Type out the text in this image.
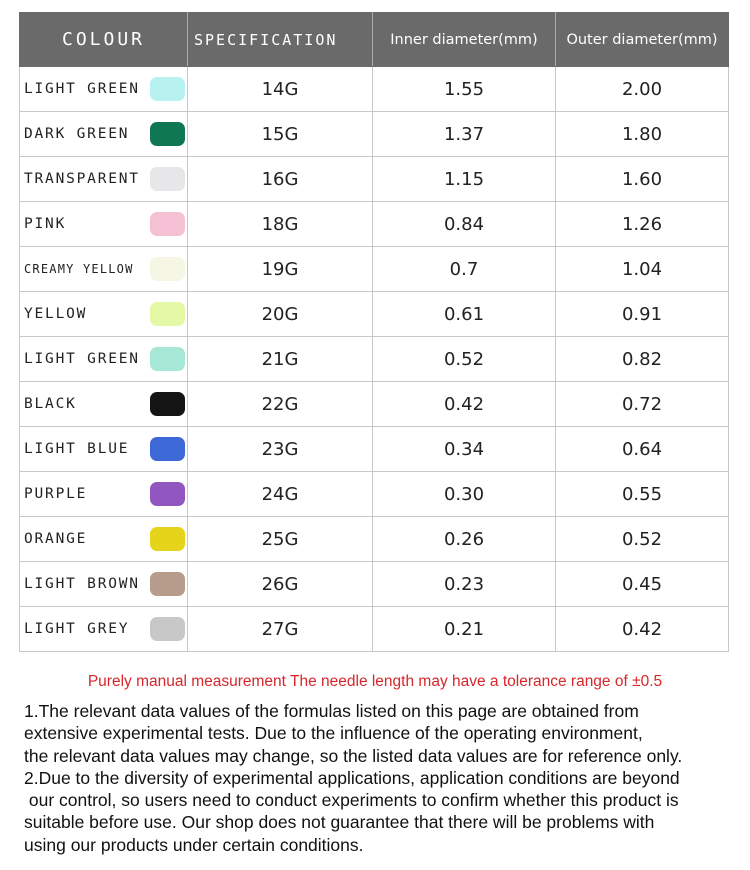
COLOUR	SPECIFICATION	Inner diameter(mm)	Outer diameter(mm)

LIGHT GREEN	14G	1.55	2.00

DARK GREEN	15G	1.37	1.80

TRANSPARENT	16G	1.15	1.60

PINK	18G	0.84	1.26

CREAMY YELLOW	19G	0.7	1.04

YELLOW	20G	0.61	0.91

LIGHT GREEN	21G	0.52	0.82

BLACK	22G	0.42	0.72

LIGHT BLUE	23G	0.34	0.64

PURPLE	24G	0.30	0.55

ORANGE	25G	0.26	0.52

LIGHT BROWN	26G	0.23	0.45

LIGHT GREY	27G	0.21	0.42
Purely manual measurement The needle length may have a tolerance range of ±0.5

1.The relevant data values of the formulas listed on this page are obtained from

extensive experimental tests. Due to the influence of the operating environment,

the relevant data values may change, so the listed data values are for reference only.

2.Due to the diversity of experimental applications, application conditions are beyond

our control, so users need to conduct experiments to confirm whether this product is

suitable before use. Our shop does not guarantee that there will be problems with

using our products under certain conditions.
